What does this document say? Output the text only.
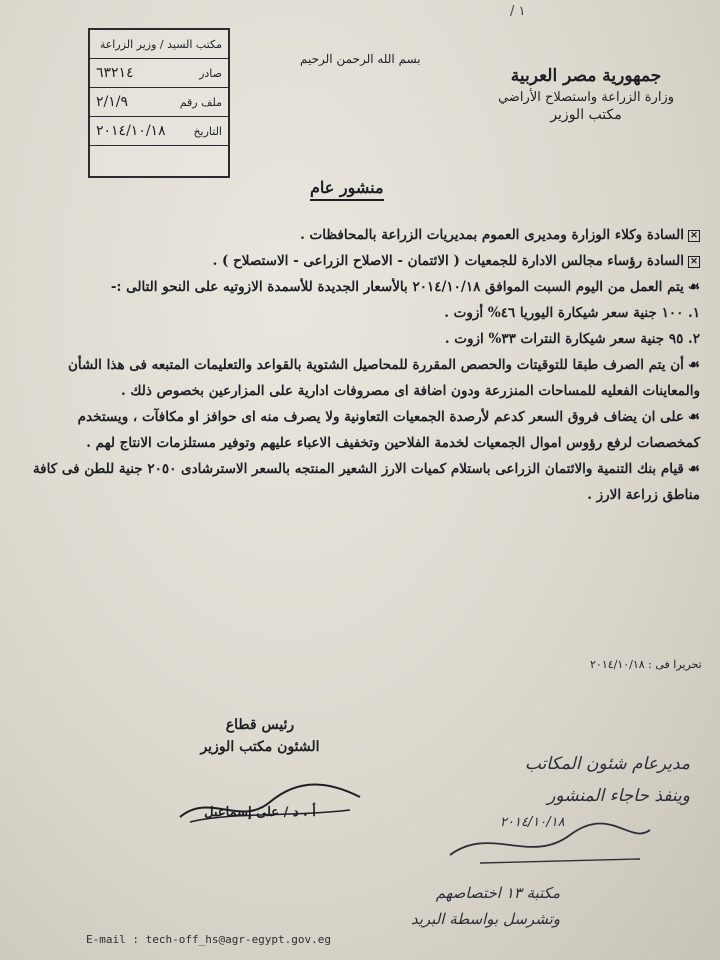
/ ١
مكتب السيد / وزير الزراعة
صادر
٦٣٢١٤
ملف رقم
٢/١/٩
التاريخ
٢٠١٤/١٠/١٨
بسم الله الرحمن الرحيم
جمهورية مصر العربية
وزارة الزراعة واستصلاح الأراضي
مكتب الوزير
منشور عام

✕السادة وكلاء الوزارة ومديرى العموم بمديريات الزراعة بالمحافظات .

✕السادة رؤساء مجالس الادارة للجمعيات ( الائتمان - الاصلاح الزراعى - الاستصلاح ) .

☙يتم العمل من اليوم السبت الموافق ٢٠١٤/١٠/١٨ بالأسعار الجديدة للأسمدة الازوتيه على النحو التالى :-

١. ١٠٠ جنية سعر شيكارة اليوريا ٤٦% أزوت .

٢. ٩٥ جنية سعر شيكارة النترات ٣٣% ازوت .

☙أن يتم الصرف طبقا للتوقيتات والحصص المقررة للمحاصيل الشتوية بالقواعد والتعليمات المتبعه فى هذا الشأن والمعاينات الفعليه للمساحات المنزرعة ودون اضافة اى مصروفات ادارية على المزارعين بخصوص ذلك .

☙على ان يضاف فروق السعر كدعم لأرصدة الجمعيات التعاونية ولا يصرف منه اى حوافز او مكافآت ، ويستخدم كمخصصات لرفع رؤوس اموال الجمعيات لخدمة الفلاحين وتخفيف الاعباء عليهم وتوفير مستلزمات الانتاج لهم .

☙قيام بنك التنمية والائتمان الزراعى باستلام كميات الارز الشعير المنتجه بالسعر الاسترشادى ٢٠٥٠ جنية للطن فى كافة مناطق زراعة الارز .

تحريرا فى : ٢٠١٤/١٠/١٨
رئيس قطاع
الشئون مكتب الوزير
أ . د / على إسماعيل
مديرعام شئون المكاتب
وينفذ حاجاء المنشور
٢٠١٤/١٠/١٨
مكتبة ١٣ اختصاصهم
وتشرسل بواسطة البريد
E-mail : tech-off_hs@agr-egypt.gov.eg
